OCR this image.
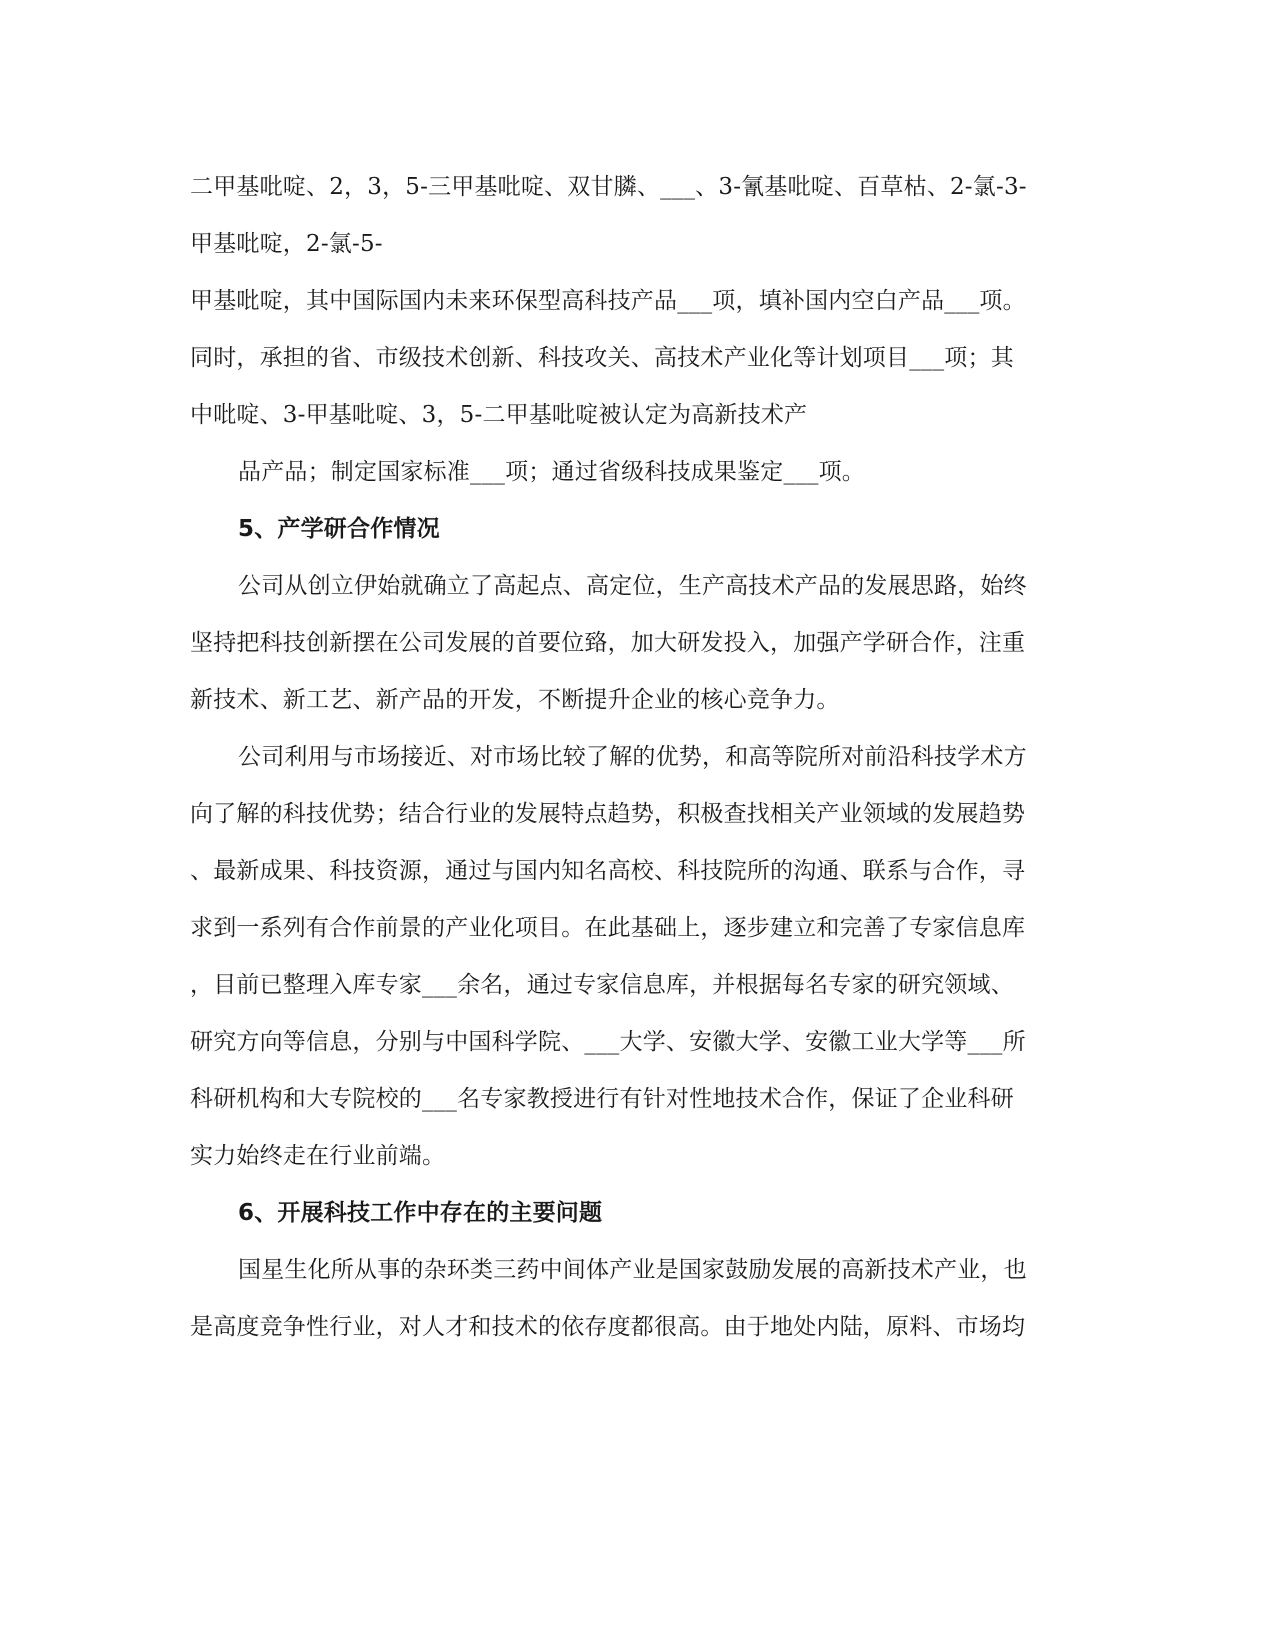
二甲基吡啶、2，3，5-三甲基吡啶、双甘膦、___、3-氰基吡啶、百草枯、2-氯-3-
甲基吡啶，2-氯-5-
甲基吡啶，其中国际国内未来环保型高科技产品___项，填补国内空白产品___项。
同时，承担的省、市级技术创新、科技攻关、高技术产业化等计划项目___项；其
中吡啶、3-甲基吡啶、3，5-二甲基吡啶被认定为高新技术产
品产品；制定国家标准___项；通过省级科技成果鉴定___项。
5、产学研合作情况
公司从创立伊始就确立了高起点、高定位，生产高技术产品的发展思路，始终
坚持把科技创新摆在公司发展的首要位臵，加大研发投入，加强产学研合作，注重
新技术、新工艺、新产品的开发，不断提升企业的核心竞争力。
公司利用与市场接近、对市场比较了解的优势，和高等院所对前沿科技学术方
向了解的科技优势；结合行业的发展特点趋势，积极查找相关产业领域的发展趋势
、最新成果、科技资源，通过与国内知名高校、科技院所的沟通、联系与合作，寻
求到一系列有合作前景的产业化项目。在此基础上，逐步建立和完善了专家信息库
，目前已整理入库专家___余名，通过专家信息库，并根据每名专家的研究领域、
研究方向等信息，分别与中国科学院、___大学、安徽大学、安徽工业大学等___所
科研机构和大专院校的___名专家教授进行有针对性地技术合作，保证了企业科研
实力始终走在行业前端。
6、开展科技工作中存在的主要问题
国星生化所从事的杂环类三药中间体产业是国家鼓励发展的高新技术产业，也
是高度竞争性行业，对人才和技术的依存度都很高。由于地处内陆，原料、市场均
